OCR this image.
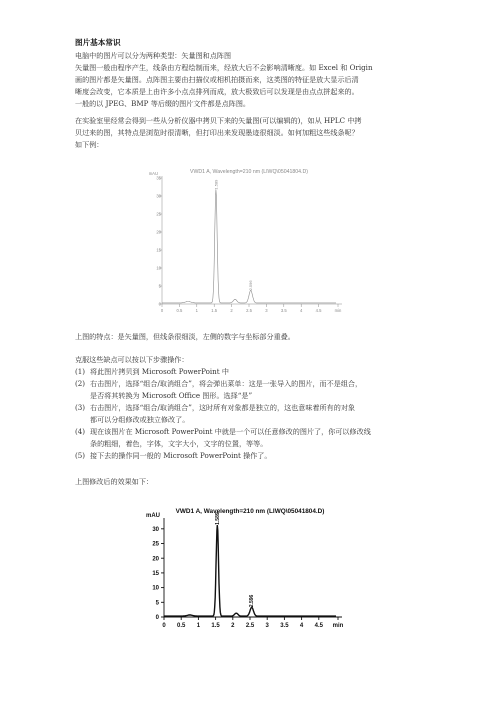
图片基本常识
电脑中的图片可以分为两种类型：矢量图和点阵图
矢量图一般由程序产生，线条由方程绘制而来，经放大后不会影响清晰度。如 Excel 和 Origin
画的图片都是矢量图。点阵图主要由扫描仪或相机拍摄而来，这类图的特征是放大显示后清
晰度会改变，它本质是上由许多小点点排列而成，放大极致后可以发现是由点点拼起来的。
一般的以 JPEG、BMP 等后缀的图片文件都是点阵图。
在实验室里经常会得到一些从分析仪器中拷贝下来的矢量图(可以编辑的)，如从 HPLC 中拷
贝过来的图，其特点是浏览时很清晰，但打印出来发现墨迹很细淡。如何加粗这些线条呢？
如下例：
VWD1 A, Wavelength=210 nm (LIWQ\05041804.D)
mAU
0
5
10
15
20
25
30
35
0	0.5	1	1.5	2	2.5	3	3.5	4	4.5	min
1.589
2.596
上图的特点：是矢量图，但线条很细淡，左侧的数字与坐标部分重叠。
克服这些缺点可以按以下步骤操作：
(1) 将此图片拷贝到 Microsoft PowerPoint 中
(2) 右击图片，选择“组合/取消组合”，将会弹出菜单：这是一张导入的图片，而不是组合，
是否将其转换为 Microsoft Office 图形。选择“是”
(3) 右击图片，选择“组合/取消组合”，这时所有对象都是独立的，这也意味着所有的对象
都可以分组修改或独立修改了。
(4) 现在该图片在 Microsoft PowerPoint 中就是一个可以任意修改的图片了，你可以修改线
条的粗细，着色，字体，文字大小，文字的位置，等等。
(5) 接下去的操作同一般的 Microsoft PowerPoint 操作了。
上图修改后的效果如下：
VWD1 A, Wavelength=210 nm (LIWQ\05041804.D)
mAU
0
5
10
15
20
25
30
0 0.5 1 1.5 2 2.5 3 3.5 4 4.5 min
1.589
2.596
